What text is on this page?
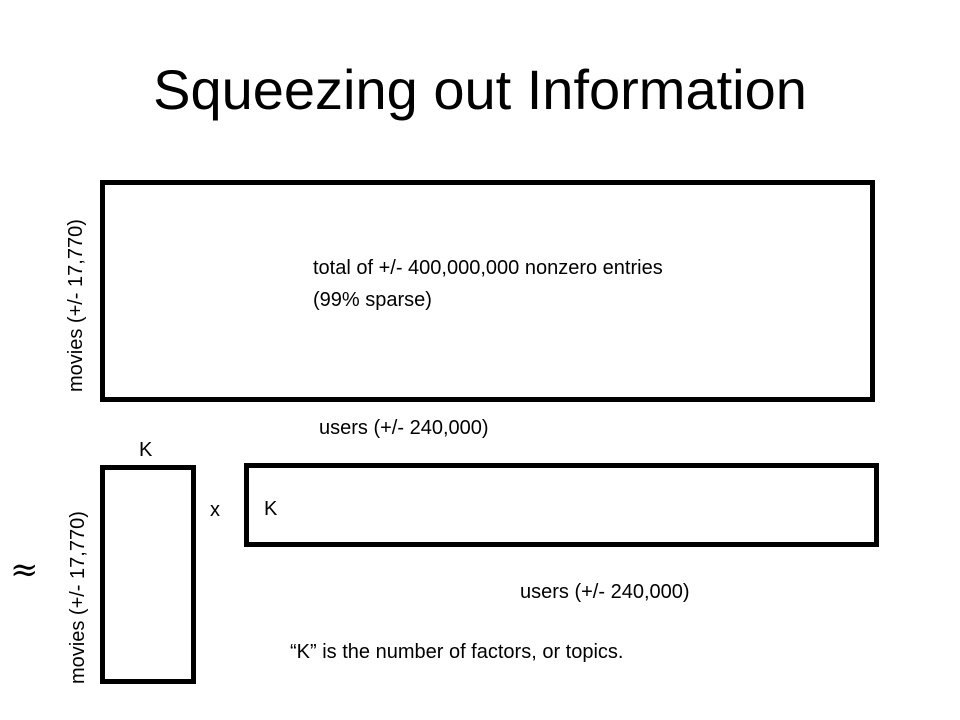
Squeezing out Information
movies (+/- 17,770)	total of +/- 400,000,000 nonzero entries
(99% sparse)
users (+/- 240,000)
K
movies (+/- 17,770)
≈
x K
users (+/- 240,000)
“K” is the number of factors, or topics.
